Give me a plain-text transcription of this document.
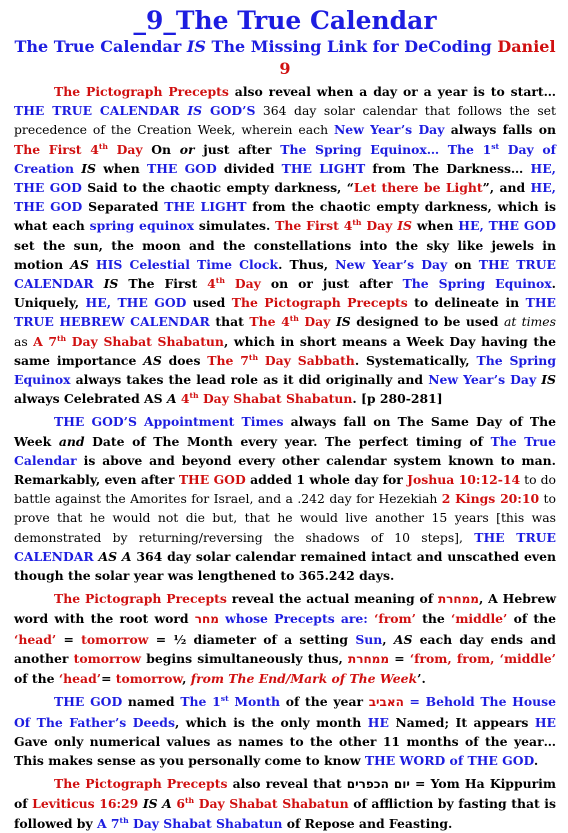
_9_The True Calendar
The True Calendar IS The Missing Link for DeCoding Daniel 9

The Pictograph Precepts also reveal when a day or a year is to start… THE TRUE CALENDAR IS GOD’S 364 day solar calendar that follows the set precedence of the Creation Week, wherein each New Year’s Day always falls on The First 4th Day On or just after The Spring Equinox… The 1st Day of Creation IS when THE GOD divided THE LIGHT from The Darkness… HE, THE GOD Said to the chaotic empty darkness, “Let there be Light”, and HE, THE GOD Separated THE LIGHT from the chaotic empty darkness, which is what each spring equinox simulates. The First 4th Day IS when HE, THE GOD set the sun, the moon and the constellations into the sky like jewels in motion AS HIS Celestial Time Clock. Thus, New Year’s Day on THE TRUE CALENDAR IS The First 4th Day on or just after The Spring Equinox. Uniquely, HE, THE GOD used The Pictograph Precepts to delineate in THE TRUE HEBREW CALENDAR that The 4th Day IS designed to be used at times as A 7th Day Shabat Shabatun, which in short means a Week Day having the same importance AS does The 7th Day Sabbath. Systematically, The Spring Equinox always takes the lead role as it did originally and New Year’s Day IS always Celebrated AS A 4th Day Shabat Shabatun. [p 280-281]

THE GOD’S Appointment Times always fall on The Same Day of The Week and Date of The Month every year. The perfect timing of The True Calendar is above and beyond every other calendar system known to man. Remarkably, even after THE GOD added 1 whole day for Joshua 10:12-14 to do battle against the Amorites for Israel, and a .242 day for Hezekiah 2 Kings 20:10 to prove that he would not die but, that he would live another 15 years [this was demonstrated by returning/reversing the shadows of 10 steps], THE TRUE CALENDAR AS A 364 day solar calendar remained intact and unscathed even though the solar year was lengthened to 365.242 days.

The Pictograph Precepts reveal the actual meaning of ממחרת, A Hebrew word with the root word מחר whose Precepts are: ‘from’ the ‘middle’ of the ‘head’ = tomorrow = ½ diameter of a setting Sun, AS each day ends and another tomorrow begins simultaneously thus, ממחרת = ‘from, from, ‘middle’ of the ‘head’= tomorrow, from The End/Mark of The Week’.

THE GOD named The 1st Month of the year האביב = Behold The House Of The Father’s Deeds, which is the only month HE Named; It appears HE Gave only numerical values as names to the other 11 months of the year… This makes sense as you personally come to know THE WORD of THE GOD.

The Pictograph Precepts also reveal that יום הכפרים = Yom Ha Kippurim of Leviticus 16:29 IS A 6th Day Shabat Shabatun of affliction by fasting that is followed by A 7th Day Shabat Shabatun of Repose and Feasting.
